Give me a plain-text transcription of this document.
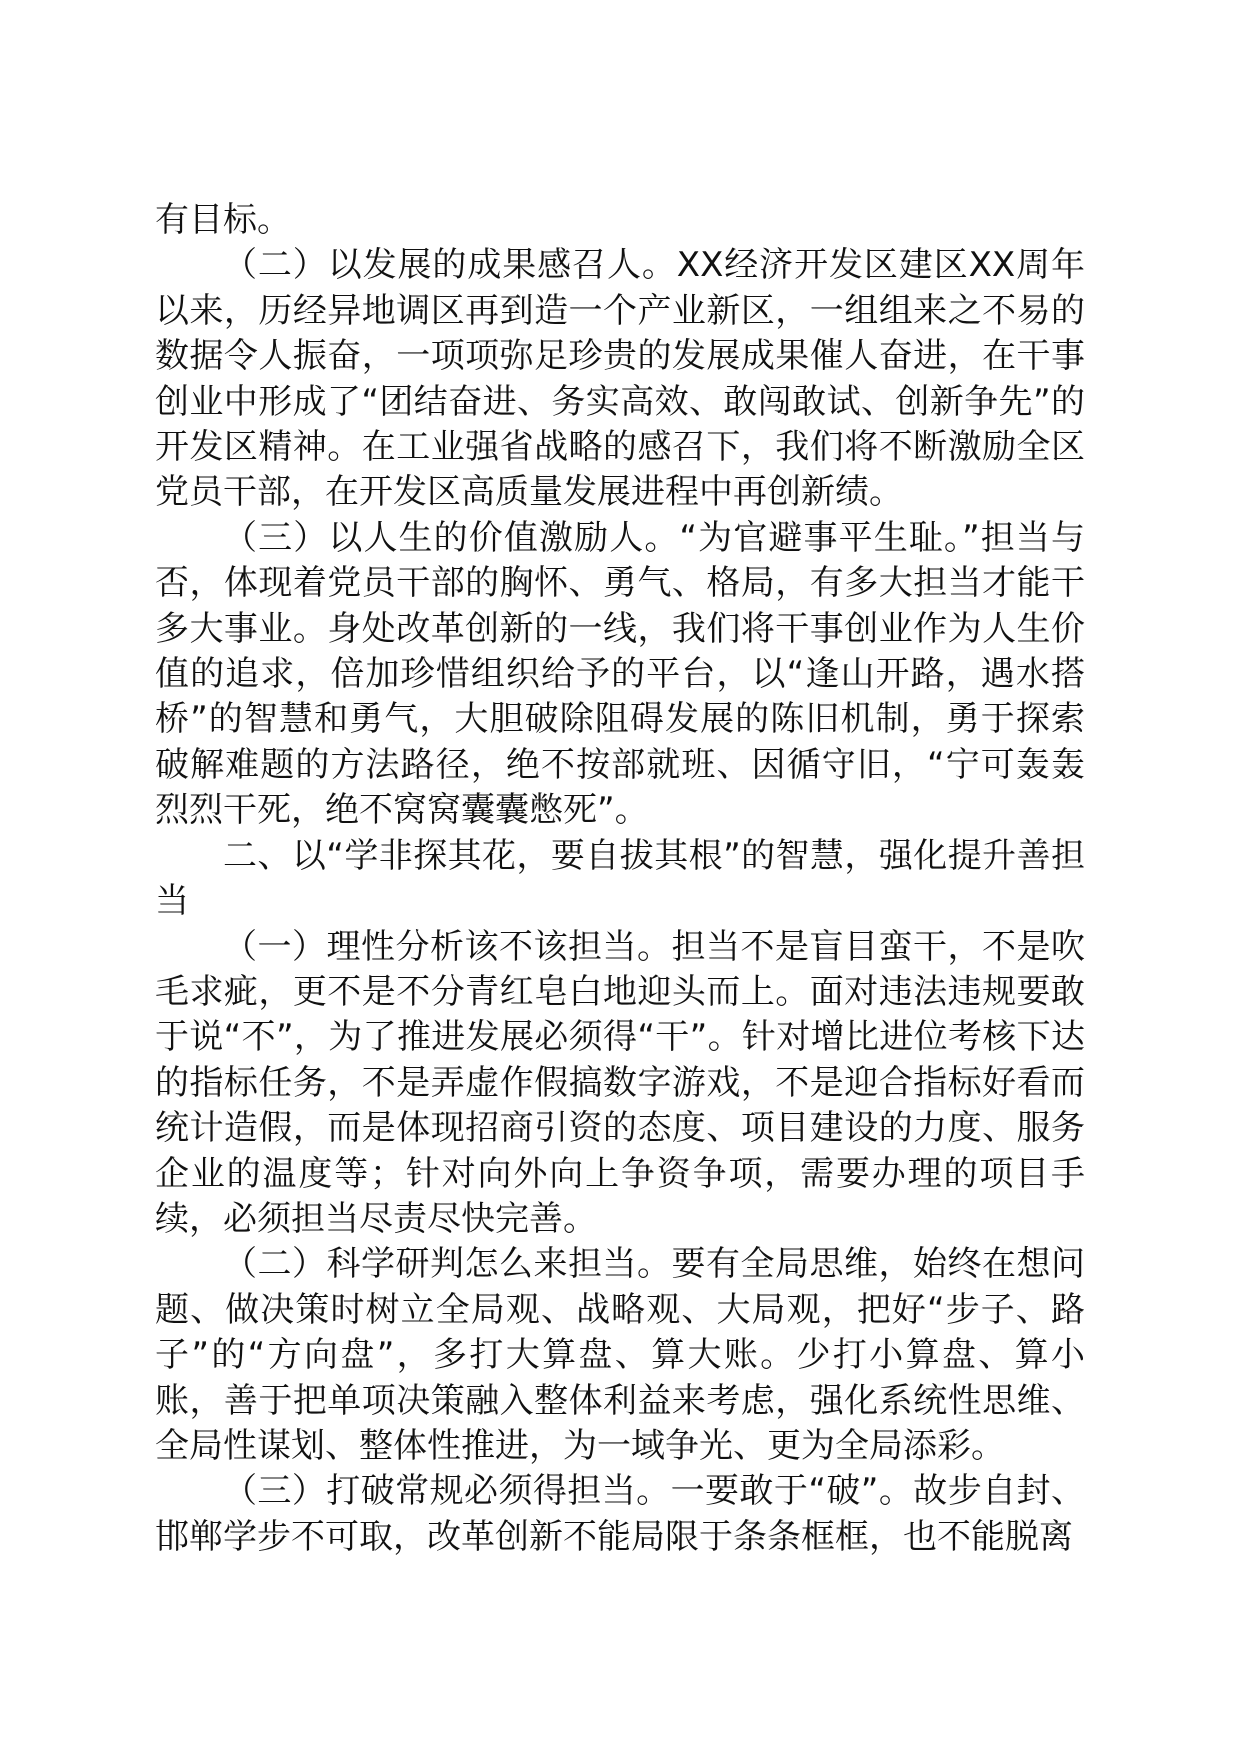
有目标。

（二）以发展的成果感召人。XX经济开发区建区XX周年以来，历经异地调区再到造一个产业新区，一组组来之不易的数据令人振奋，一项项弥足珍贵的发展成果催人奋进，在干事创业中形成了“团结奋进、务实高效、敢闯敢试、创新争先”的开发区精神。在工业强省战略的感召下，我们将不断激励全区党员干部，在开发区高质量发展进程中再创新绩。

（三）以人生的价值激励人。“为官避事平生耻。”担当与否，体现着党员干部的胸怀、勇气、格局，有多大担当才能干多大事业。身处改革创新的一线，我们将干事创业作为人生价值的追求，倍加珍惜组织给予的平台，以“逢山开路，遇水搭桥”的智慧和勇气，大胆破除阻碍发展的陈旧机制，勇于探索破解难题的方法路径，绝不按部就班、因循守旧，“宁可轰轰烈烈干死，绝不窝窝囊囊憋死”。

二、以“学非探其花，要自拔其根”的智慧，强化提升善担当

（一）理性分析该不该担当。担当不是盲目蛮干，不是吹毛求疵，更不是不分青红皂白地迎头而上。面对违法违规要敢于说“不”，为了推进发展必须得“干”。针对增比进位考核下达的指标任务，不是弄虚作假搞数字游戏，不是迎合指标好看而统计造假，而是体现招商引资的态度、项目建设的力度、服务企业的温度等；针对向外向上争资争项，需要办理的项目手续，必须担当尽责尽快完善。

（二）科学研判怎么来担当。要有全局思维，始终在想问题、做决策时树立全局观、战略观、大局观，把好“步子、路子”的“方向盘”，多打大算盘、算大账。少打小算盘、算小账，善于把单项决策融入整体利益来考虑，强化系统性思维、全局性谋划、整体性推进，为一域争光、更为全局添彩。

（三）打破常规必须得担当。一要敢于“破”。故步自封、邯郸学步不可取，改革创新不能局限于条条框框，也不能脱离
